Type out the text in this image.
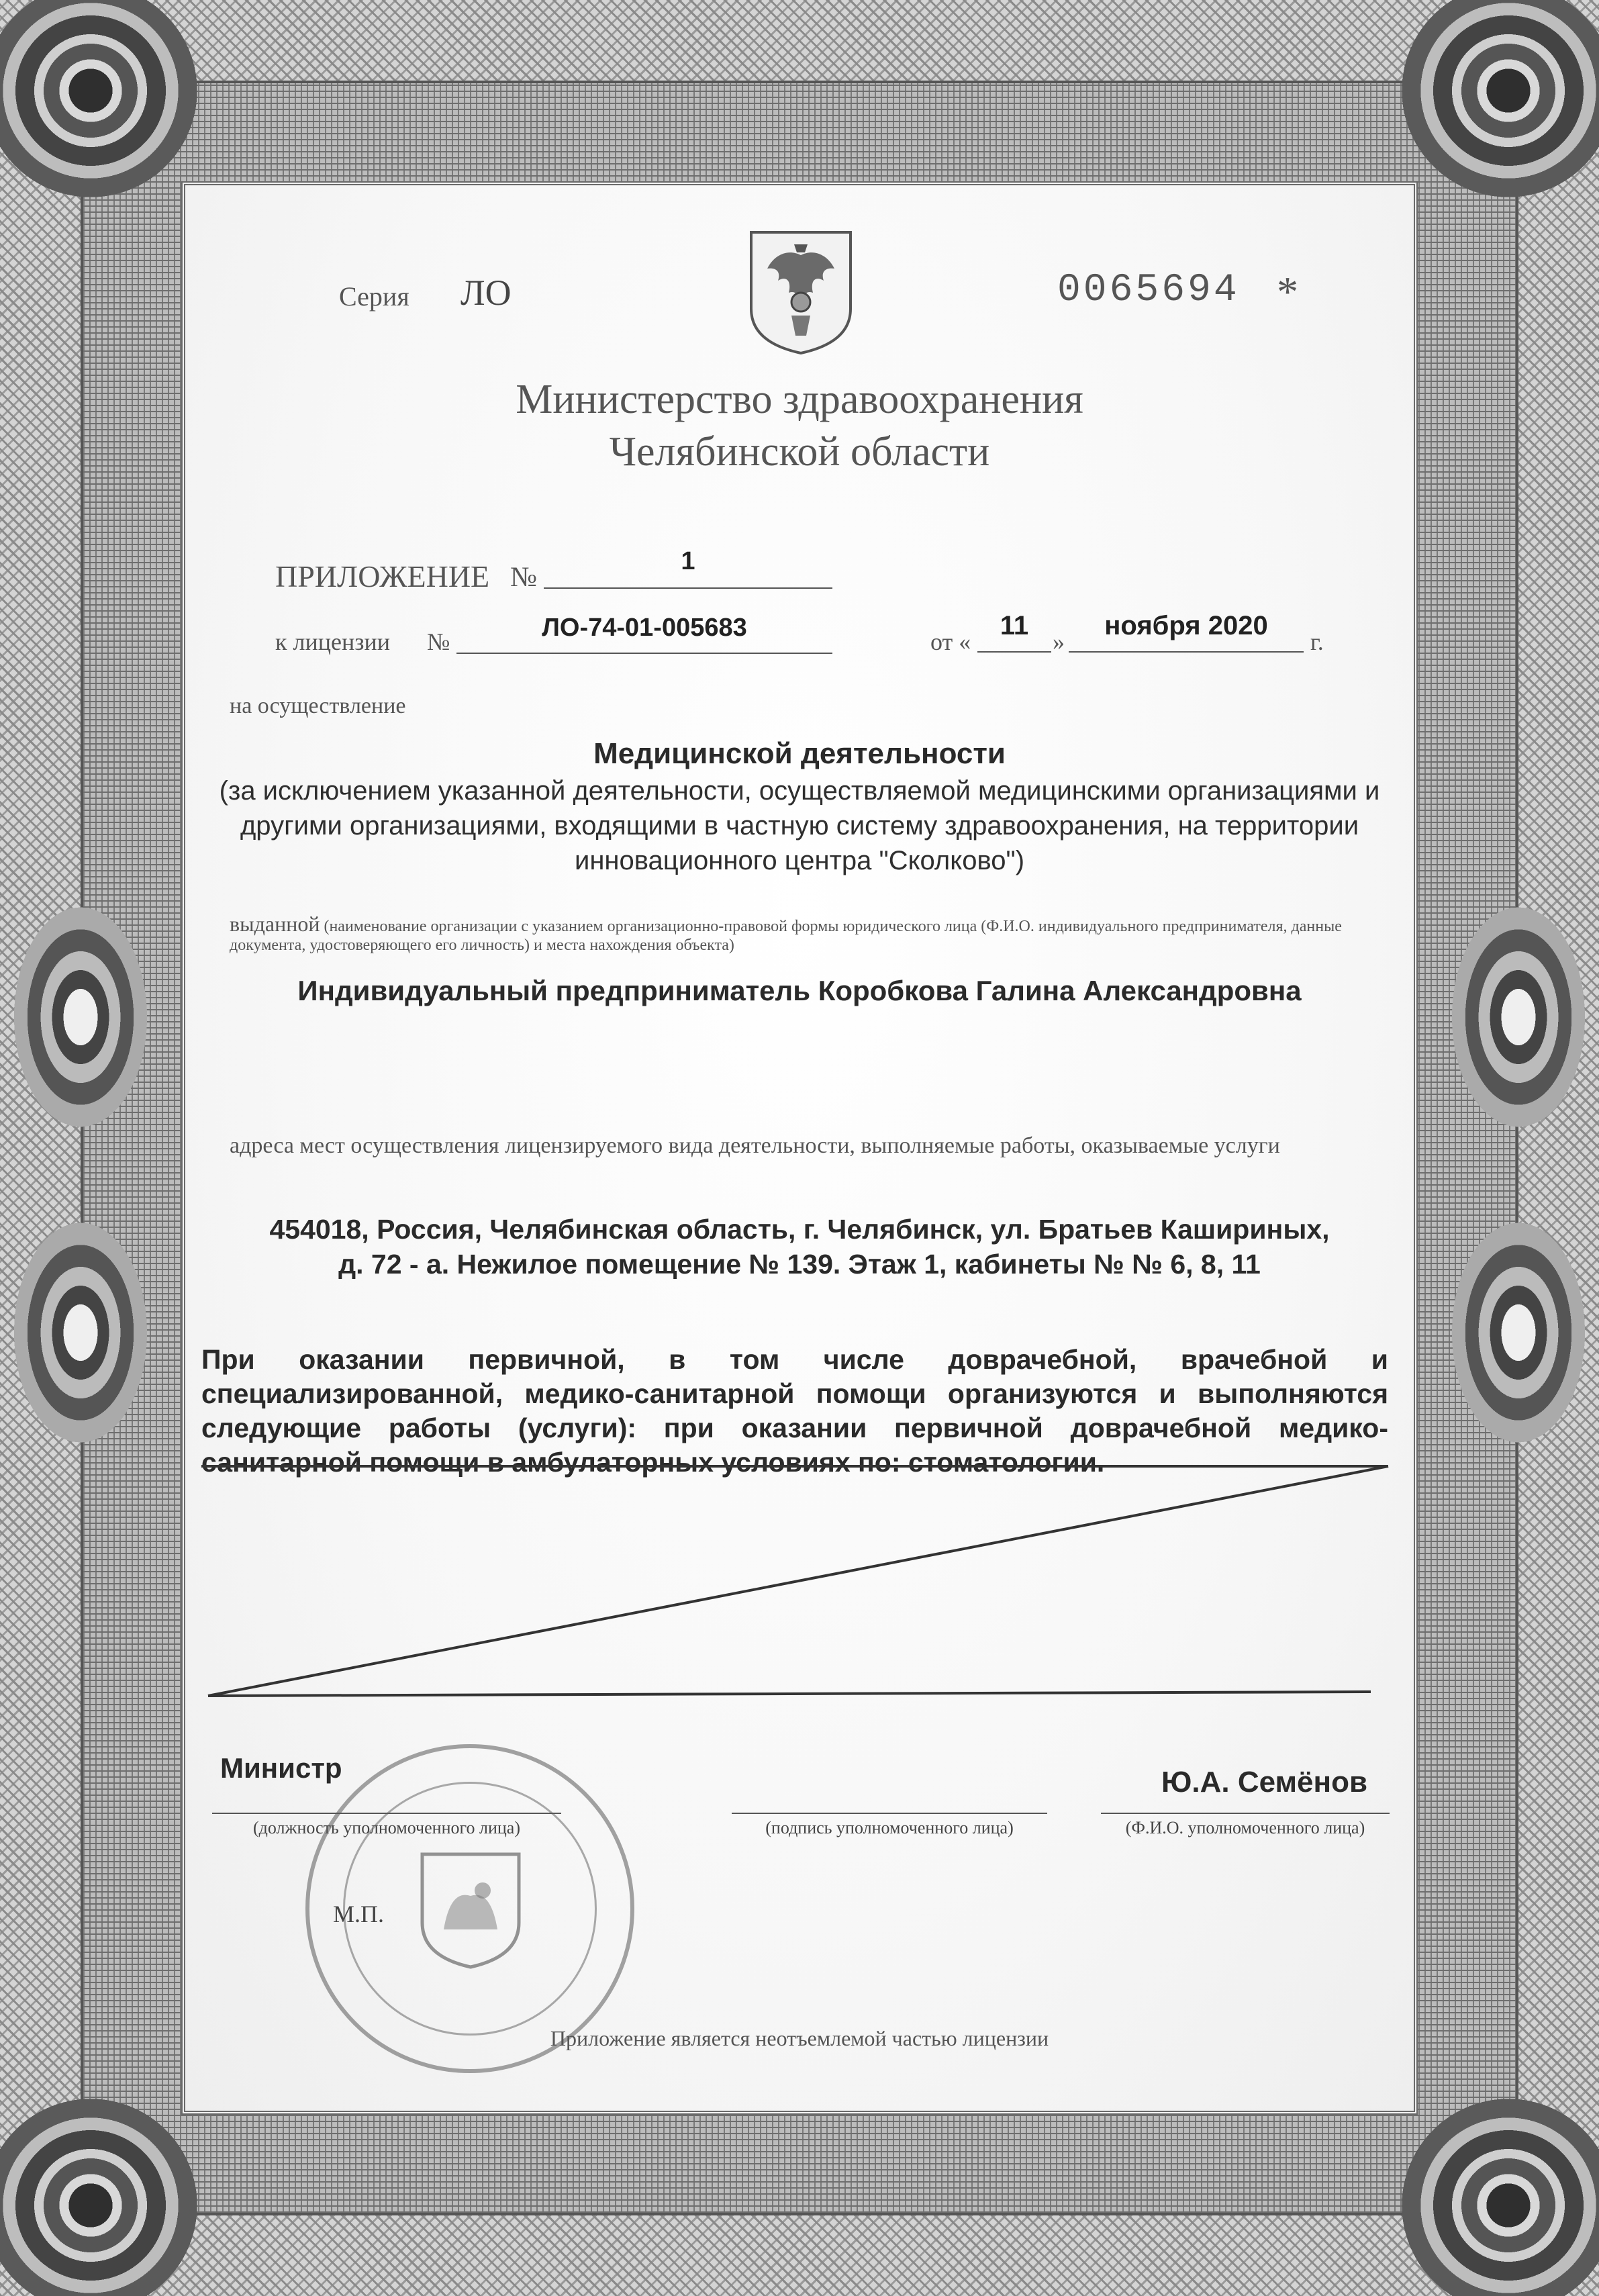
Серия ЛО	0065694 *
Министерство здравоохранения
Челябинской области
ПРИЛОЖЕНИЕ №
1
к лицензии №	ЛО-74-01-005683	от «
11
»
ноября 2020
г.
на осуществление
Медицинской деятельности
(за исключением указанной деятельности, осуществляемой медицинскими организациями и другими организациями, входящими в частную систему здравоохранения, на территории инновационного центра "Сколково")
выданной (наименование организации с указанием организационно-правовой формы юридического лица (Ф.И.О. индивидуального предпринимателя, данные документа, удостоверяющего его личность) и места нахождения объекта)
Индивидуальный предприниматель Коробкова Галина Александровна
адреса мест осуществления лицензируемого вида деятельности, выполняемые работы, оказываемые услуги
454018, Россия, Челябинская область, г. Челябинск, ул. Братьев Кашириных,
д. 72 - а. Нежилое помещение № 139. Этаж 1, кабинеты № № 6, 8, 11
При оказании первичной, в том числе доврачебной, врачебной и специализированной, медико-санитарной помощи организуются и выполняются следующие работы (услуги): при оказании первичной доврачебной медико-санитарной помощи в амбулаторных условиях по: стоматологии.
Министр
(должность уполномоченного лица)	(подпись уполномоченного лица)
Ю.А. Семёнов
(Ф.И.О. уполномоченного лица)
М.П.
Приложение является неотъемлемой частью лицензии
